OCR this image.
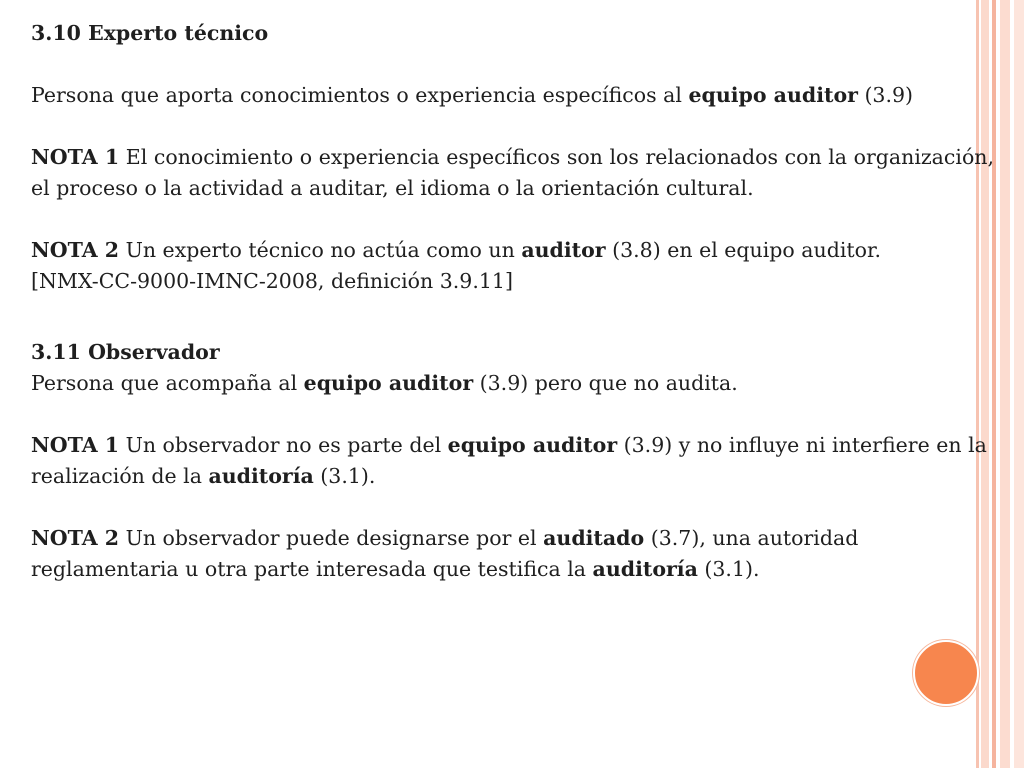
3.10 Experto técnico

Persona que aporta conocimientos o experiencia específicos al equipo auditor (3.9)

NOTA 1 El conocimiento o experiencia específicos son los relacionados con la organización, el proceso o la actividad a auditar, el idioma o la orientación cultural.

NOTA 2 Un experto técnico no actúa como un auditor (3.8) en el equipo auditor.
[NMX-CC-9000-IMNC-2008, definición 3.9.11]

3.11 Observador

Persona que acompaña al equipo auditor (3.9) pero que no audita.

NOTA 1 Un observador no es parte del equipo auditor (3.9) y no influye ni interfiere en la realización de la auditoría (3.1).

NOTA 2 Un observador puede designarse por el auditado (3.7), una autoridad reglamentaria u otra parte interesada que testifica la auditoría (3.1).
